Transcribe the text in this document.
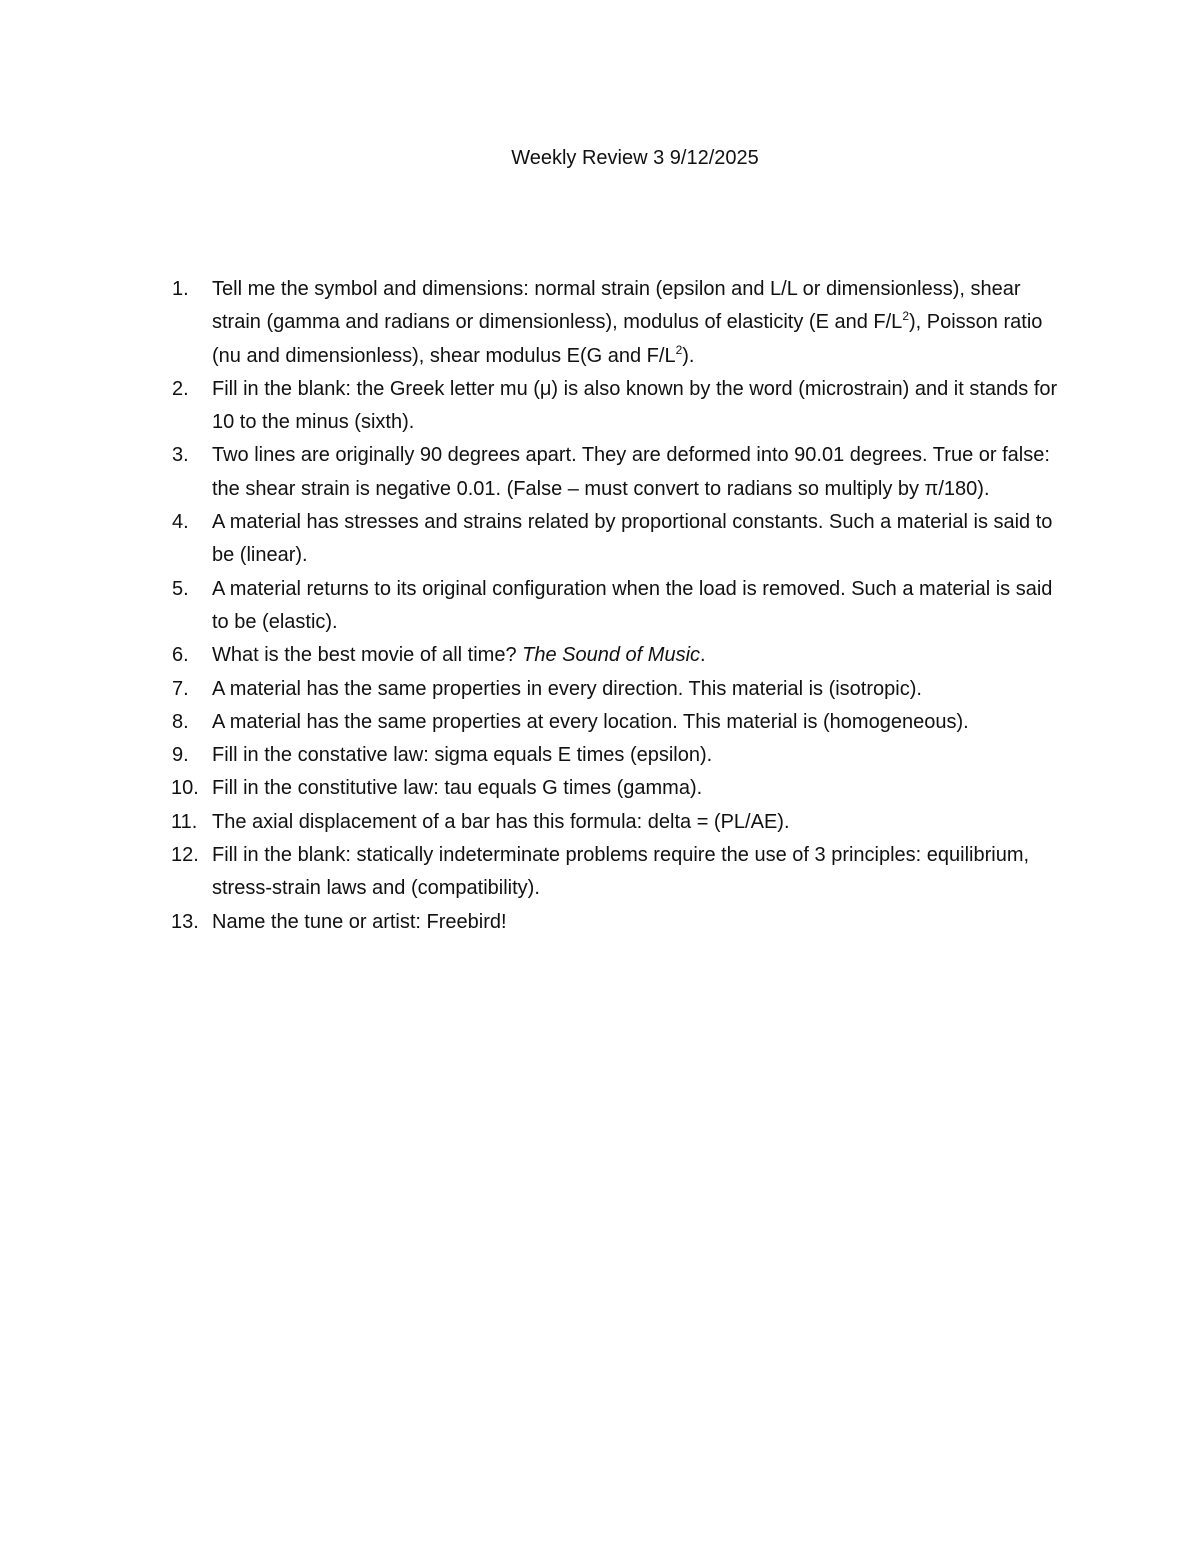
Weekly Review 3 9/12/2025
1.	Tell me the symbol and dimensions: normal strain (epsilon and L/L or dimensionless), shear strain (gamma and radians or dimensionless), modulus of elasticity (E and $F/L^2$), Poisson ratio (nu and dimensionless), shear modulus E(G and $F/L^2$).
2.	Fill in the blank: the Greek letter mu (μ) is also known by the word (microstrain) and it stands for 10 to the minus (sixth).
3.	Two lines are originally 90 degrees apart. They are deformed into 90.01 degrees. True or false: the shear strain is negative 0.01. (False – must convert to radians so multiply by π/180).
4.	A material has stresses and strains related by proportional constants. Such a material is said to be (linear).
5.	A material returns to its original configuration when the load is removed. Such a material is said to be (elastic).
6.	What is the best movie of all time? The Sound of Music.
7.	A material has the same properties in every direction. This material is (isotropic).
8.	A material has the same properties at every location. This material is (homogeneous).
9.	Fill in the constative law: sigma equals E times (epsilon).
10. Fill in the constitutive law: tau equals G times (gamma).
11. The axial displacement of a bar has this formula: delta = (PL/AE).
12. Fill in the blank: statically indeterminate problems require the use of 3 principles: equilibrium, stress-strain laws and (compatibility).
13. Name the tune or artist: Freebird!
